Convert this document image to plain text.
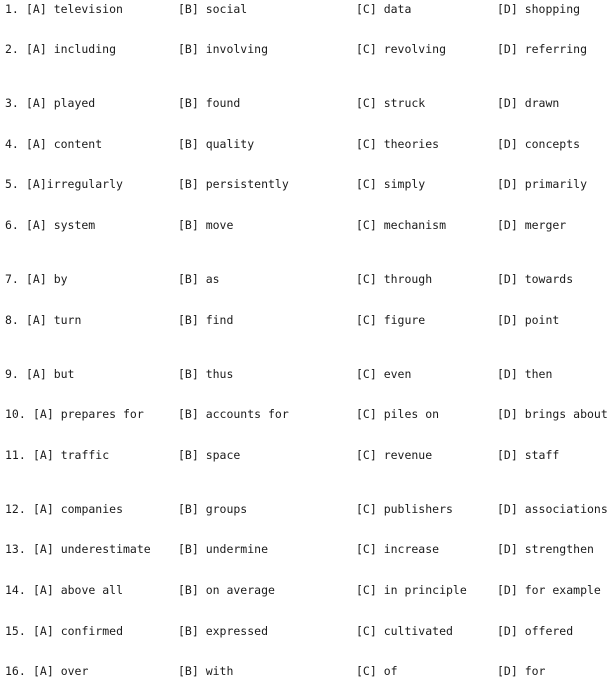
1. [A] television	[B] social	[C] data	[D] shopping
2. [A] including	[B] involving	[C] revolving	[D] referring
3. [A] played	[B] found	[C] struck	[D] drawn
4. [A] content	[B] quality	[C] theories	[D] concepts
5. [A]irregularly	[B] persistently	[C] simply	[D] primarily
6. [A] system	[B] move	[C] mechanism	[D] merger
7. [A] by	[B] as	[C] through	[D] towards
8. [A] turn	[B] find	[C] figure	[D] point
9. [A] but	[B] thus	[C] even	[D] then
10. [A] prepares for	[B] accounts for	[C] piles on	[D] brings about
11. [A] traffic	[B] space	[C] revenue	[D] staff
12. [A] companies	[B] groups	[C] publishers	[D] associations
13. [A] underestimate [B] undermine	[C] increase	[D] strengthen
14. [A] above all	[B] on average	[C] in principle	[D] for example
15. [A] confirmed	[B] expressed	[C] cultivated	[D] offered
16. [A] over	[B] with	[C] of	[D] for
